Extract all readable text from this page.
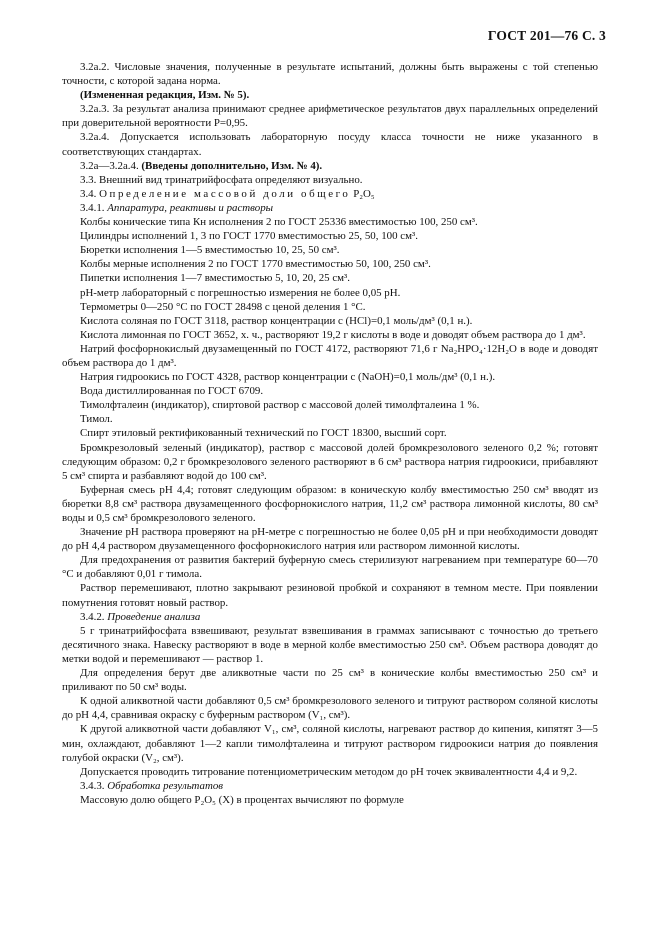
ГОСТ 201—76 С. 3

3.2a.2. Числовые значения, полученные в результате испытаний, должны быть выражены с той степенью точности, с которой задана норма.

(Измененная редакция, Изм. № 5).

3.2a.3. За результат анализа принимают среднее арифметическое результатов двух параллельных определений при доверительной вероятности P=0,95.

3.2a.4. Допускается использовать лабораторную посуду класса точности не ниже указанного в соответствующих стандартах.

3.2a—3.2a.4. (Введены дополнительно, Изм. № 4).

3.3. Внешний вид тринатрийфосфата определяют визуально.

3.4. Определение массовой доли общего P₂O₅

3.4.1. Аппаратура, реактивы и растворы

Колбы конические типа Кн исполнения 2 по ГОСТ 25336 вместимостью 100, 250 см³.

Цилиндры исполнений 1, 3 по ГОСТ 1770 вместимостью 25, 50, 100 см³.

Бюретки исполнения 1—5 вместимостью 10, 25, 50 см³.

Колбы мерные исполнения 2 по ГОСТ 1770 вместимостью 50, 100, 250 см³.

Пипетки исполнения 1—7 вместимостью 5, 10, 20, 25 см³.

pH-метр лабораторный с погрешностью измерения не более 0,05 pH.

Термометры 0—250 °С по ГОСТ 28498 с ценой деления 1 °С.

Кислота соляная по ГОСТ 3118, раствор концентрации c (HCl)=0,1 моль/дм³ (0,1 н.).

Кислота лимонная по ГОСТ 3652, х. ч., растворяют 19,2 г кислоты в воде и доводят объем раствора до 1 дм³.

Натрий фосфорнокислый двузамещенный по ГОСТ 4172, растворяют 71,6 г Na₂HPO₄·12H₂O в воде и доводят объем раствора до 1 дм³.

Натрия гидроокись по ГОСТ 4328, раствор концентрации c (NaOH)=0,1 моль/дм³ (0,1 н.).

Вода дистиллированная по ГОСТ 6709.

Тимолфталеин (индикатор), спиртовой раствор с массовой долей тимолфталеина 1 %.

Тимол.

Спирт этиловый ректификованный технический по ГОСТ 18300, высший сорт.

Бромкрезоловый зеленый (индикатор), раствор с массовой долей бромкрезолового зеленого 0,2 %; готовят следующим образом: 0,2 г бромкрезолового зеленого растворяют в 6 см³ раствора натрия гидроокиси, прибавляют 5 см³ спирта и разбавляют водой до 100 см³.

Буферная смесь pH 4,4; готовят следующим образом: в коническую колбу вместимостью 250 см³ вводят из бюретки 8,8 см³ раствора двузамещенного фосфорнокислого натрия, 11,2 см³ раствора лимонной кислоты, 80 см³ воды и 0,5 см³ бромкрезолового зеленого.

Значение pH раствора проверяют на pH-метре с погрешностью не более 0,05 pH и при необходимости доводят до pH 4,4 раствором двузамещенного фосфорнокислого натрия или раствором лимонной кислоты.

Для предохранения от развития бактерий буферную смесь стерилизуют нагреванием при температуре 60—70 °С и добавляют 0,01 г тимола.

Раствор перемешивают, плотно закрывают резиновой пробкой и сохраняют в темном месте. При появлении помутнения готовят новый раствор.

3.4.2. Проведение анализа

5 г тринатрийфосфата взвешивают, результат взвешивания в граммах записывают с точностью до третьего десятичного знака. Навеску растворяют в воде в мерной колбе вместимостью 250 см³. Объем раствора доводят до метки водой и перемешивают — раствор 1.

Для определения берут две аликвотные части по 25 см³ в конические колбы вместимостью 250 см³ и приливают по 50 см³ воды.

К одной аликвотной части добавляют 0,5 см³ бромкрезолового зеленого и титруют раствором соляной кислоты до pH 4,4, сравнивая окраску с буферным раствором (V₁, см³).

К другой аликвотной части добавляют V₁, см³, соляной кислоты, нагревают раствор до кипения, кипятят 3—5 мин, охлаждают, добавляют 1—2 капли тимолфталеина и титруют раствором гидроокиси натрия до появления голубой окраски (V₂, см³).

Допускается проводить титрование потенциометрическим методом до pH точек эквивалентности 4,4 и 9,2.

3.4.3. Обработка результатов

Массовую долю общего P₂O₅ (X) в процентах вычисляют по формуле
